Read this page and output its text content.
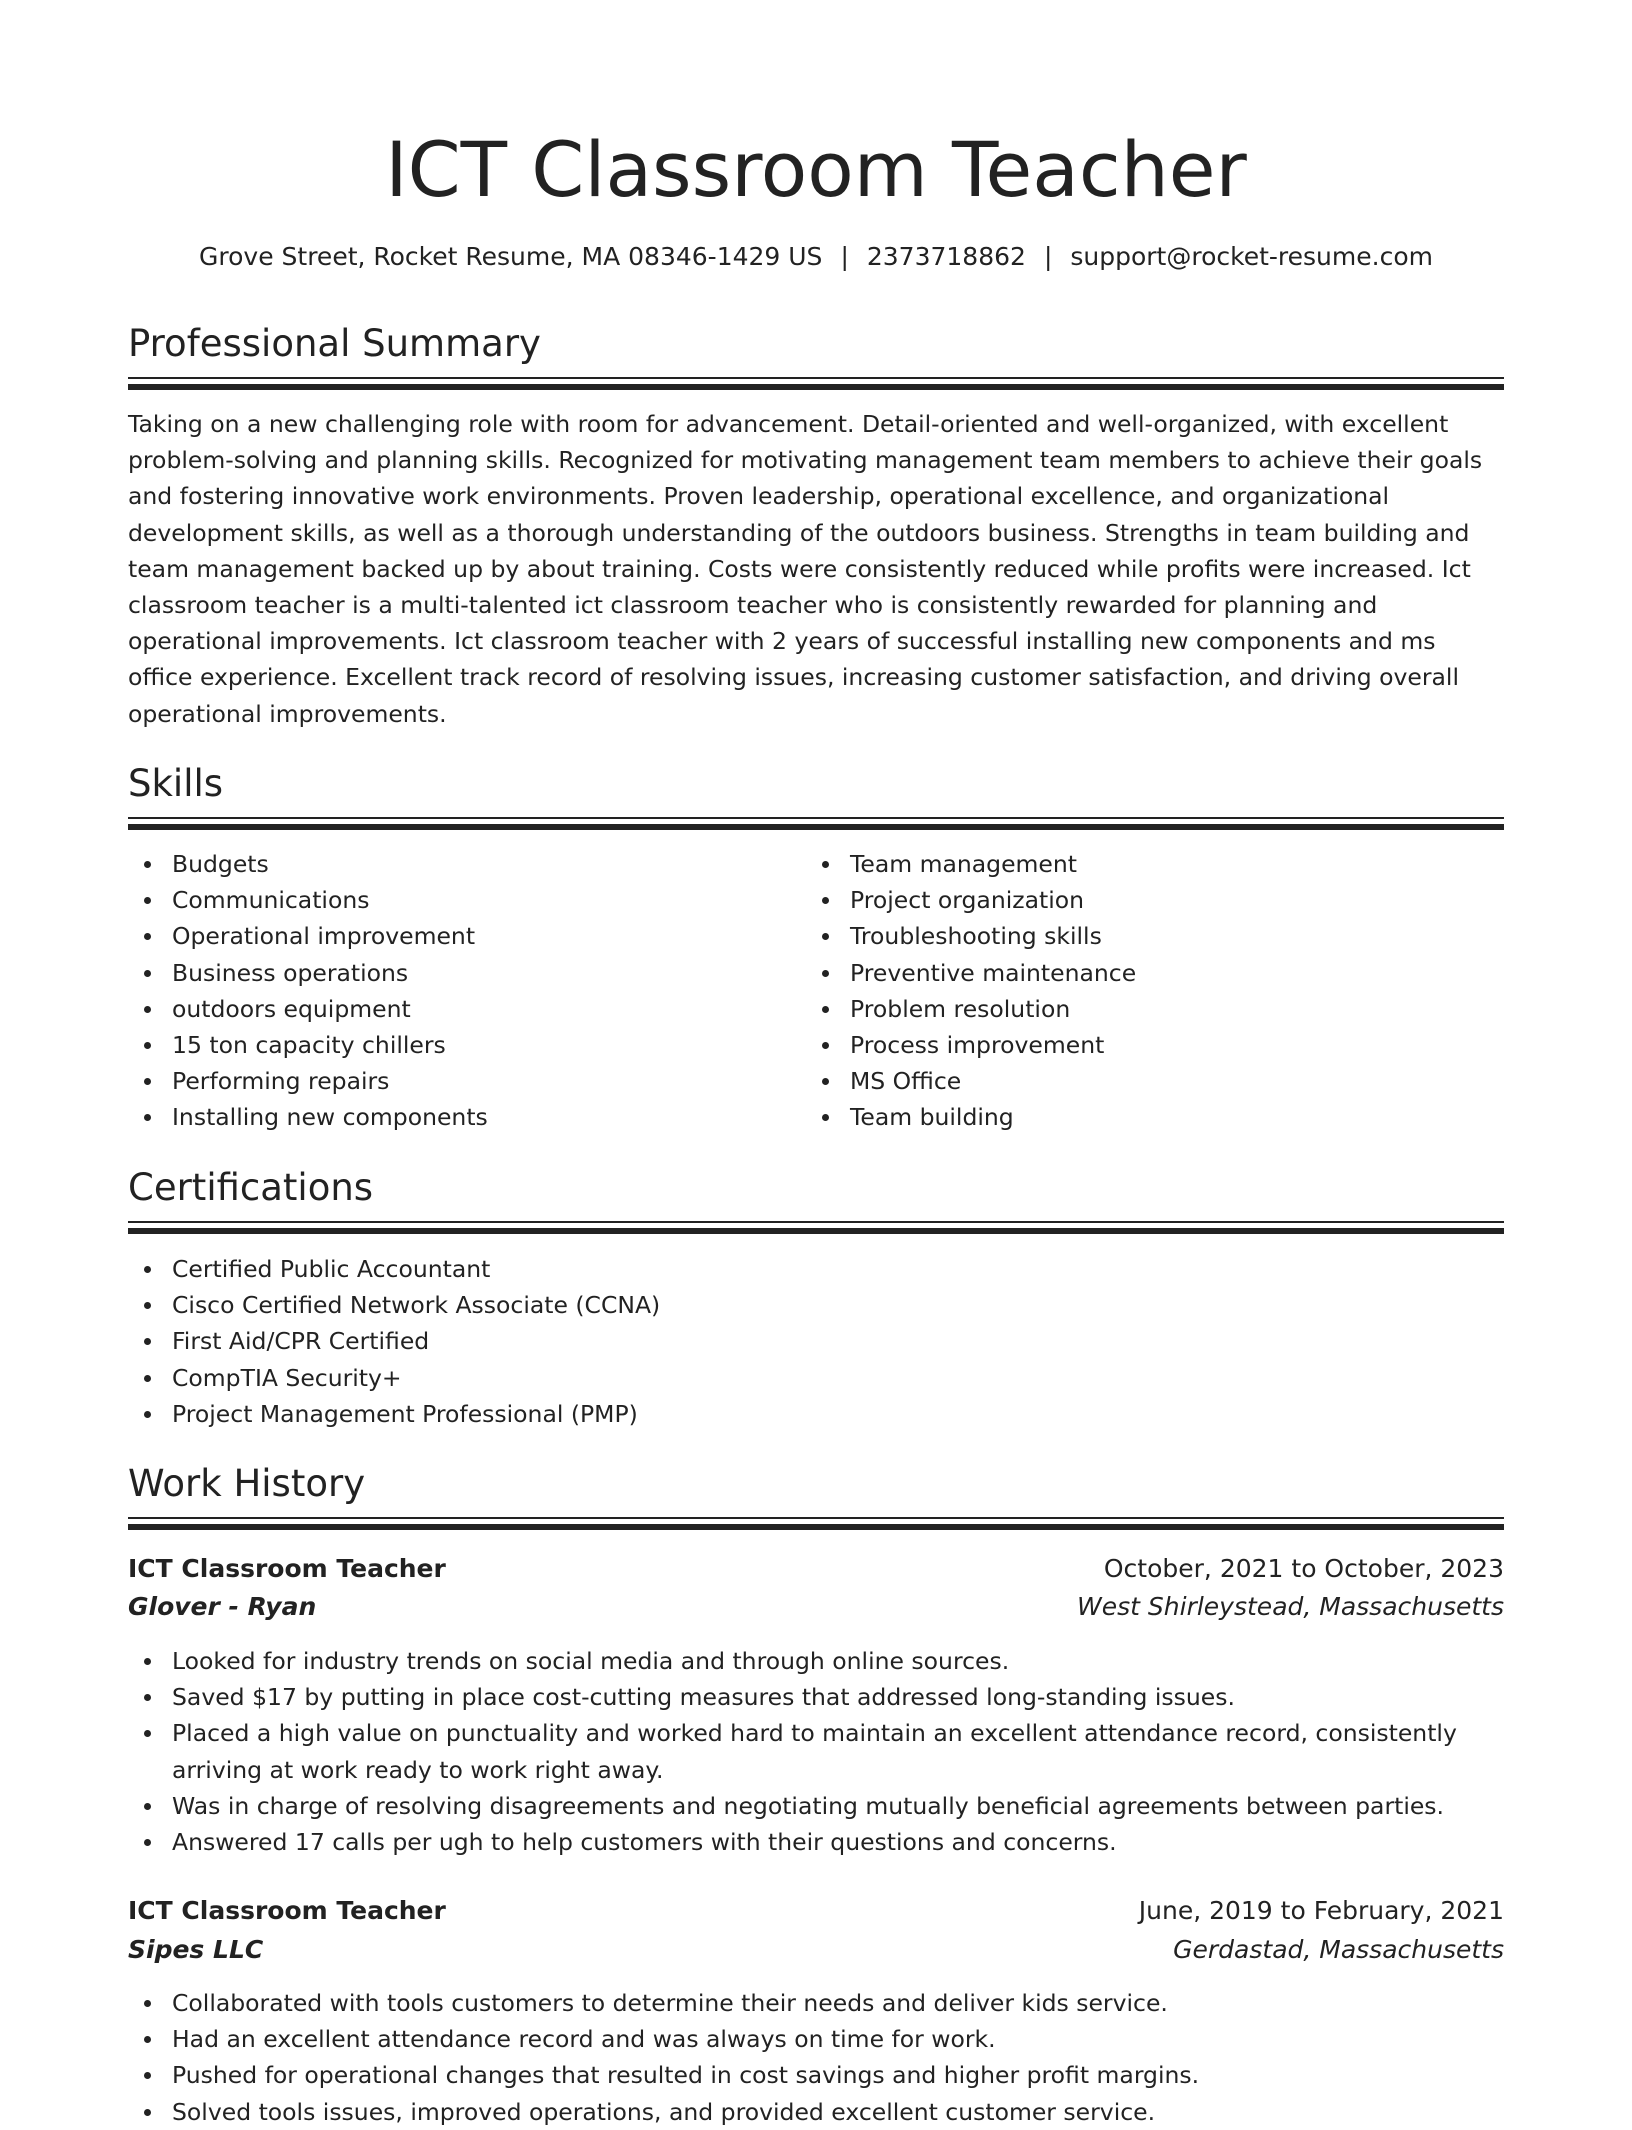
ICT Classroom Teacher
Grove Street, Rocket Resume, MA 08346-1429 US | 2373718862 | support@rocket-resume.com
Professional Summary

Taking on a new challenging role with room for advancement. Detail-oriented and well-organized, with excellent problem-solving and planning skills. Recognized for motivating management team members to achieve their goals and fostering innovative work environments. Proven leadership, operational excellence, and organizational development skills, as well as a thorough understanding of the outdoors business. Strengths in team building and team management backed up by about training. Costs were consistently reduced while profits were increased. Ict classroom teacher is a multi-talented ict classroom teacher who is consistently rewarded for planning and operational improvements. Ict classroom teacher with 2 years of successful installing new components and ms office experience. Excellent track record of resolving issues, increasing customer satisfaction, and driving overall operational improvements.

Skills
Budgets
Communications
Operational improvement
Business operations
outdoors equipment
15 ton capacity chillers
Performing repairs
Installing new components
Team management
Project organization
Troubleshooting skills
Preventive maintenance
Problem resolution
Process improvement
MS Office
Team building
Certifications
Certified Public Accountant
Cisco Certified Network Associate (CCNA)
First Aid/CPR Certified
CompTIA Security+
Project Management Professional (PMP)
Work History
ICT Classroom Teacher	October, 2021 to October, 2023
Glover - Ryan	West Shirleystead, Massachusetts
Looked for industry trends on social media and through online sources.
Saved $17 by putting in place cost-cutting measures that addressed long-standing issues.
Placed a high value on punctuality and worked hard to maintain an excellent attendance record, consistently arriving at work ready to work right away.
Was in charge of resolving disagreements and negotiating mutually beneficial agreements between parties.
Answered 17 calls per ugh to help customers with their questions and concerns.
ICT Classroom Teacher	June, 2019 to February, 2021
Sipes LLC	Gerdastad, Massachusetts
Collaborated with tools customers to determine their needs and deliver kids service.
Had an excellent attendance record and was always on time for work.
Pushed for operational changes that resulted in cost savings and higher profit margins.
Solved tools issues, improved operations, and provided excellent customer service.
